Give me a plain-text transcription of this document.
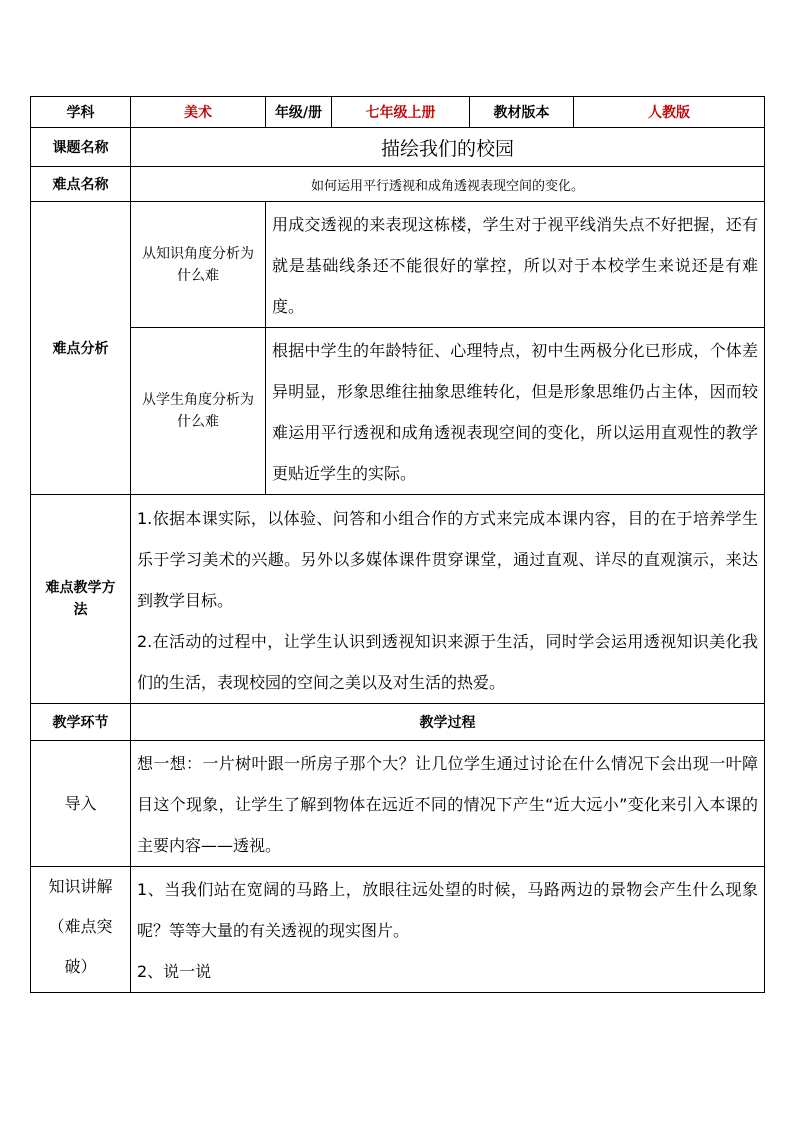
学科	美术	年级/册	七年级上册	教材版本	人教版
课题名称	描绘我们的校园				
难点名称	如何运用平行透视和成角透视表现空间的变化。				
难点分析	从知识角度分析为什么难	用成交透视的来表现这栋楼，学生对于视平线消失点不好把握，还有就是基础线条还不能很好的掌控，所以对于本校学生来说还是有难度。			
	从学生角度分析为什么难	根据中学生的年龄特征、心理特点，初中生两极分化已形成，个体差异明显，形象思维往抽象思维转化，但是形象思维仍占主体，因而较难运用平行透视和成角透视表现空间的变化，所以运用直观性的教学更贴近学生的实际。			
难点教学方法	1.依据本课实际，以体验、问答和小组合作的方式来完成本课内容，目的在于培养学生乐于学习美术的兴趣。另外以多媒体课件贯穿课堂，通过直观、详尽的直观演示，来达到教学目标。

2.在活动的过程中，让学生认识到透视知识来源于生活，同时学会运用透视知识美化我们的生活，表现校园的空间之美以及对生活的热爱。				

教学环节	教学过程				
导入	想一想：一片树叶跟一所房子那个大？让几位学生通过讨论在什么情况下会出现一叶障目这个现象，让学生了解到物体在远近不同的情况下产生“近大远小”变化来引入本课的主要内容——透视。				
知识讲解（难点突破）	1、当我们站在宽阔的马路上，放眼往远处望的时候，马路两边的景物会产生什么现象呢？等等大量的有关透视的现实图片。

2、说一说				
